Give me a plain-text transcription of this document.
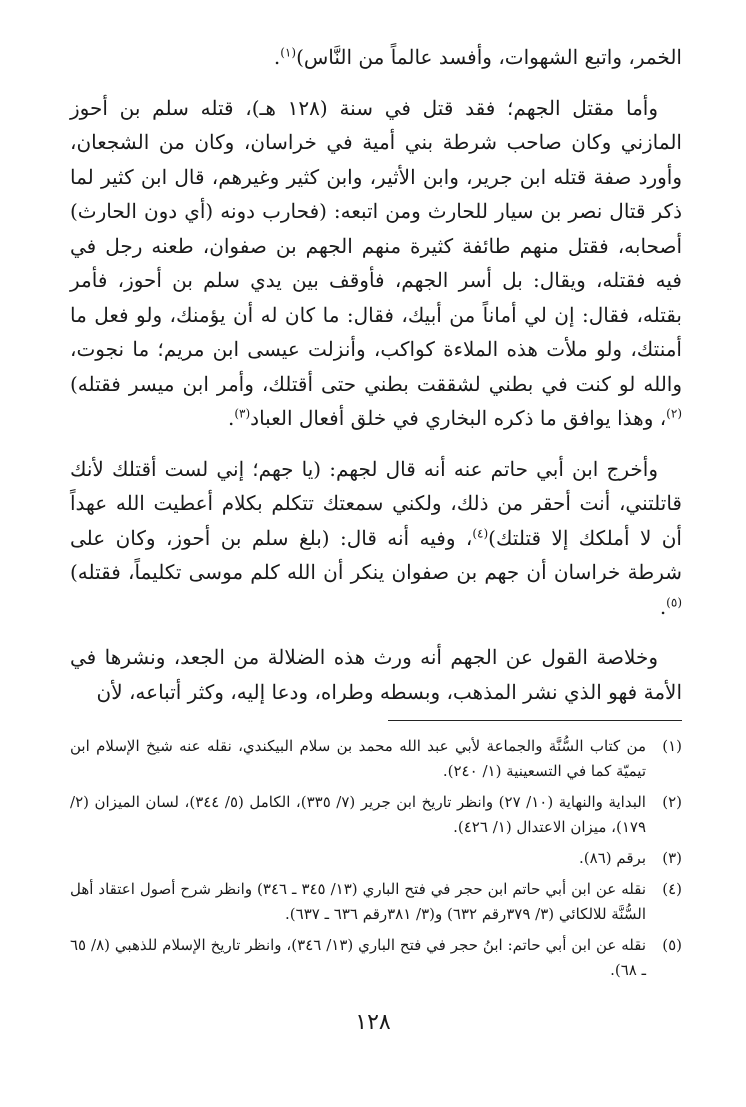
الخمر، واتبع الشهوات، وأفسد عالماً من النَّاس)$^{(١)}$.

وأما مقتل الجهم؛ فقد قتل في سنة (١٢٨ هـ)، قتله سلم بن أحوز المازني وكان صاحب شرطة بني أمية في خراسان، وكان من الشجعان، وأورد صفة قتله ابن جرير، وابن الأثير، وابن كثير وغيرهم، قال ابن كثير لما ذكر قتال نصر بن سيار للحارث ومن اتبعه: (فحارب دونه (أي دون الحارث) أصحابه، فقتل منهم طائفة كثيرة منهم الجهم بن صفوان، طعنه رجل في فيه فقتله، ويقال: بل أسر الجهم، فأوقف بين يدي سلم بن أحوز، فأمر بقتله، فقال: إن لي أماناً من أبيك، فقال: ما كان له أن يؤمنك، ولو فعل ما أمنتك، ولو ملأت هذه الملاءة كواكب، وأنزلت عيسى ابن مريم؛ ما نجوت، والله لو كنت في بطني لشققت بطني حتى أقتلك، وأمر ابن ميسر فقتله)$^{(٢)}$، وهذا يوافق ما ذكره البخاري في خلق أفعال العباد$^{(٣)}$.

وأخرج ابن أبي حاتم عنه أنه قال لجهم: (يا جهم؛ إني لست أقتلك لأنك قاتلتني، أنت أحقر من ذلك، ولكني سمعتك تتكلم بكلام أعطيت الله عهداً أن لا أملكك إلا قتلتك)$^{(٤)}$، وفيه أنه قال: (بلغ سلم بن أحوز، وكان على شرطة خراسان أن جهم بن صفوان ينكر أن الله كلم موسى تكليماً، فقتله)$^{(٥)}$.

وخلاصة القول عن الجهم أنه ورث هذه الضلالة من الجعد، ونشرها في الأمة فهو الذي نشر المذهب، وبسطه وطراه، ودعا إليه، وكثر أتباعه، لأن

(١)
من كتاب السُّنَّة والجماعة لأبي عبد الله محمد بن سلام البيكندي، نقله عنه شيخ الإسلام ابن تيميّة كما في التسعينية (١/ ٢٤٠).
(٢)
البداية والنهاية (١٠/ ٢٧) وانظر تاريخ ابن جرير (٧/ ٣٣٥)، الكامل (٥/ ٣٤٤)، لسان الميزان (٢/ ١٧٩)، ميزان الاعتدال (١/ ٤٢٦).
(٣)
برقم (٨٦).
(٤)
نقله عن ابن أبي حاتم ابن حجر في فتح الباري (١٣/ ٣٤٥ ـ ٣٤٦) وانظر شرح أصول اعتقاد أهل السُّنَّة للالكائي (٣/ ٣٧٩رقم ٦٣٢) و(٣/ ٣٨١رقم ٦٣٦ ـ ٦٣٧).
(٥)
نقله عن ابن أبي حاتم: ابنُ حجر في فتح الباري (١٣/ ٣٤٦)، وانظر تاريخ الإسلام للذهبي (٨/ ٦٥ ـ ٦٨).
١٢٨
